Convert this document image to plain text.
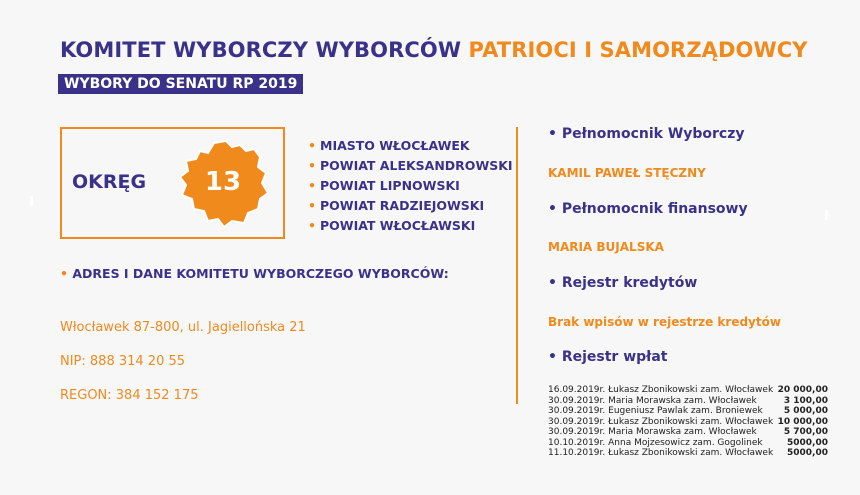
KOMITET WYBORCZY WYBORCÓW PATRIOCI I SAMORZĄDOWCY
WYBORY DO SENATU RP 2019
OKRĘG 13
• MIASTO WŁOCŁAWEK
• POWIAT ALEKSANDROWSKI
• POWIAT LIPNOWSKI
• POWIAT RADZIEJOWSKI
• POWIAT WŁOCŁAWSKI
• ADRES I DANE KOMITETU WYBORCZEGO WYBORCÓW:
Włocławek 87-800, ul. Jagiellońska 21
NIP: 888 314 20 55
REGON: 384 152 175
• Pełnomocnik Wyborczy
KAMIL PAWEŁ STĘCZNY
• Pełnomocnik finansowy
MARIA BUJALSKA
• Rejestr kredytów
Brak wpisów w rejestrze kredytów
• Rejestr wpłat
16.09.2019r. Łukasz Zbonikowski zam. Włocławek	20 000,00
30.09.2019r. Maria Morawska zam. Włocławek	3 100,00
30.09.2019r. Eugeniusz Pawlak zam. Broniewek	5 000,00
30.09.2019r. Łukasz Zbonikowski zam. Włocławek	10 000,00
30.09.2019r. Maria Morawska zam. Włocławek	5 700,00
10.10.2019r. Anna Mojzesowicz zam. Gogolinek	5000,00
11.10.2019r. Łukasz Zbonikowski zam. Włocławek	5000,00
